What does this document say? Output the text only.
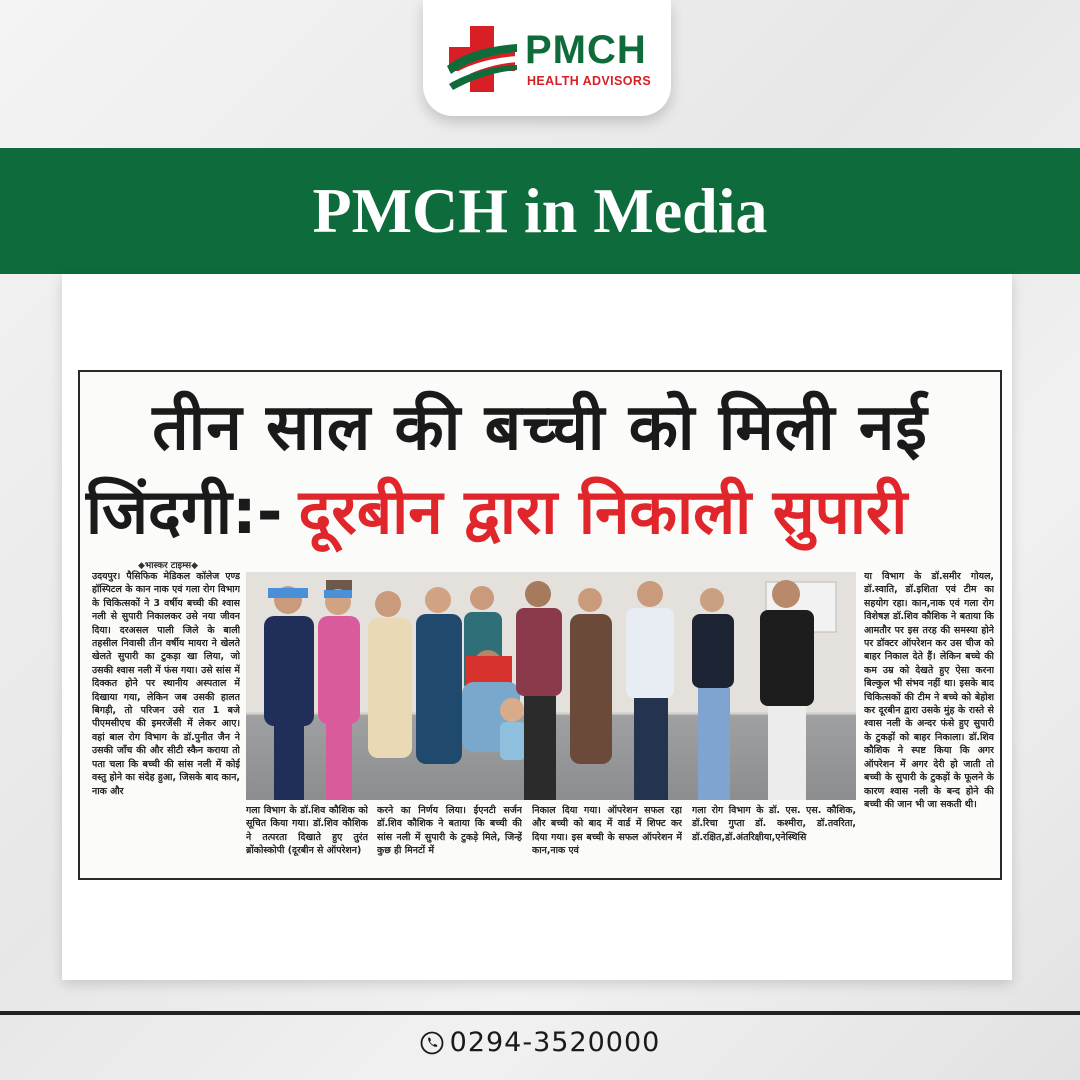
PMCH
HEALTH ADVISORS
PMCH in Media
तीन साल की बच्ची को मिली नई
जिंदगी:- दूरबीन द्वारा निकाली सुपारी
◆भास्कर टाइम्स◆
उदयपुर। पैसिफिक मेडिकल कॉलेज एण्ड हॉस्पिटल के कान नाक एवं गला रोग विभाग के चिकित्सकों ने 3 वर्षीय बच्ची की श्वास नली से सुपारी निकालकर उसे नया जीवन दिया। दरअसल पाली जिले के बाली तहसील निवासी तीन वर्षीय मायरा ने खेलते खेलते सुपारी का टुकड़ा खा लिया, जो उसकी श्वास नली में फंस गया। उसे सांस में दिक्कत होने पर स्थानीय अस्पताल में दिखाया गया, लेकिन जब उसकी हालत बिगड़ी, तो परिजन उसे रात 1 बजे पीएमसीएच की इमरजेंसी में लेकर आए। वहां बाल रोग विभाग के डॉ.पुनीत जैन ने उसकी जाँच की और सीटी स्कैन कराया तो पता चला कि बच्ची की सांस नली में कोई वस्तु होने का संदेह हुआ, जिसके बाद कान, नाक और
गला विभाग के डॉ.शिव कौशिक को सूचित किया गया। डॉ.शिव कौशिक ने तत्परता दिखाते हुए तुरंत ब्रोंकोस्कोपी (दूरबीन से ऑपरेशन)
करने का निर्णय लिया। ईएनटी सर्जन डॉ.शिव कौशिक ने बताया कि बच्ची की सांस नली में सुपारी के टुकड़े मिले, जिन्हें कुछ ही मिनटों में
निकाल दिया गया। ऑपरेशन सफल रहा और बच्ची को बाद में वार्ड में शिफ्ट कर दिया गया। इस बच्ची के सफल ऑपरेशन में कान,नाक एवं
गला रोग विभाग के डॉ. एस. एस. कौशिक, डॉ.रिचा गुप्ता डॉ. कश्मीरा, डॉ.तवरिता, डॉ.रक्षित,डॉ.अंतरिक्षीया,एनेस्थिसि
या विभाग के डॉ.समीर गोयल, डॉ.स्वाति, डॉ.इशिता एवं टीम का सहयोग रहा। कान,नाक एवं गला रोग विशेषज्ञ डॉ.शिव कौशिक ने बताया कि आमतौर पर इस तरह की समस्या होने पर डॉक्टर ऑपरेशन कर उस चीज को बाहर निकाल देते हैं। लेकिन बच्चे की कम उम्र को देखते हुए ऐसा करना बिल्कुल भी संभव नहीं था। इसके बाद चिकित्सकों की टीम ने बच्चे को बेहोश कर दूरबीन द्वारा उसके मुंह के रास्ते से श्वास नली के अन्दर फंसे हुए सुपारी के टुकड़ों को बाहर निकाला। डॉ.शिव कौशिक ने स्पष्ट किया कि अगर ऑपरेशन में अगर देरी हो जाती तो बच्ची के सुपारी के टुकड़ों के फूलने के कारण श्वास नली के बन्द होने की बच्ची की जान भी जा सकती थी।
0294-3520000
